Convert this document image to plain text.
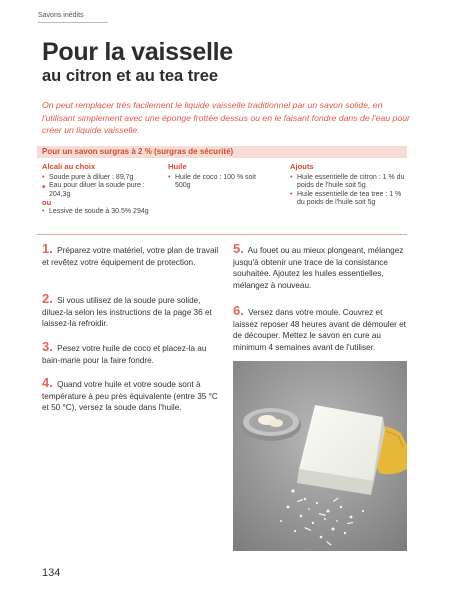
Savons inédits
Pour la vaisselle
au citron et au tea tree

On peut remplacer très facilement le liquide vaisselle traditionnel par un savon solide, en l'utilisant simplement avec une éponge frottée dessus ou en le faisant fondre dans de l'eau pour créer un liquide vaisselle.

Pour un savon surgras à 2 % (surgras de sécurité)
Alcali au choix
• Soude pure à diluer : 89,7g
■ Eau pour diluer la soude pure : 204,3g
ou
• Lessive de soude à 30.5% 294g
Huile
• Huile de coco : 100 % soit 500g
Ajouts
• Huile essentielle de citron : 1 % du poids de l'huile soit 5g
• Huile essentielle de tea tree : 1 % du poids de l'huile soit 5g

1. Préparez votre matériel, votre plan de travail et revêtez votre équipement de protection.

2. Si vous utilisez de la soude pure solide, diluez-la selon les instructions de la page 36 et laissez-la refroidir.

3. Pesez votre huile de coco et placez-la au bain-marie pour la faire fondre.

4. Quand votre huile et votre soude sont à température à peu près équivalente (entre 35 °C et 50 °C), versez la soude dans l'huile.

5. Au fouet ou au mieux plongeant, mélangez jusqu'à obtenir une trace de la consistance souhaitée. Ajoutez les huiles essentielles, mélangez à nouveau.

6. Versez dans votre moule. Couvrez et laissez reposer 48 heures avant de démouler et de découper. Mettez le savon en cure au minimum 4 semaines avant de l'utiliser.

134
